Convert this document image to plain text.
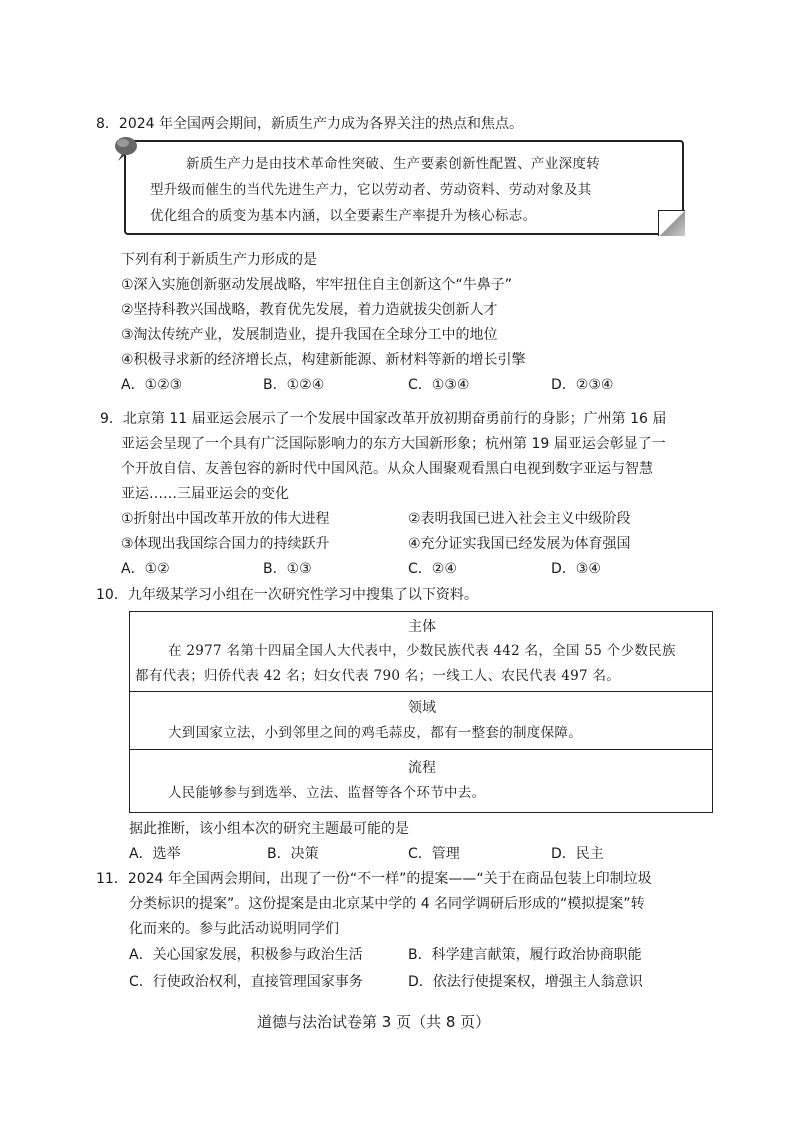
8．2024 年全国两会期间，新质生产力成为各界关注的热点和焦点。
新质生产力是由技术革命性突破、生产要素创新性配置、产业深度转
型升级而催生的当代先进生产力，它以劳动者、劳动资料、劳动对象及其
优化组合的质变为基本内涵，以全要素生产率提升为核心标志。
下列有利于新质生产力形成的是
①深入实施创新驱动发展战略，牢牢扭住自主创新这个“牛鼻子”
②坚持科教兴国战略，教育优先发展，着力造就拔尖创新人才
③淘汰传统产业，发展制造业，提升我国在全球分工中的地位
④积极寻求新的经济增长点，构建新能源、新材料等新的增长引擎
A．①②③	B．①②④	C．①③④	D．②③④
9．北京第 11 届亚运会展示了一个发展中国家改革开放初期奋勇前行的身影；广州第 16 届
亚运会呈现了一个具有广泛国际影响力的东方大国新形象；杭州第 19 届亚运会彰显了一
个开放自信、友善包容的新时代中国风范。从众人围聚观看黑白电视到数字亚运与智慧
亚运……三届亚运会的变化
①折射出中国改革开放的伟大进程	②表明我国已进入社会主义中级阶段
③体现出我国综合国力的持续跃升	④充分证实我国已经发展为体育强国
A．①②	B．①③	C．②④	D．③④
10．九年级某学习小组在一次研究性学习中搜集了以下资料。
主体
在 2977 名第十四届全国人大代表中，少数民族代表 442 名，全国 55 个少数民族
都有代表；归侨代表 42 名；妇女代表 790 名；一线工人、农民代表 497 名。
领域
大到国家立法，小到邻里之间的鸡毛蒜皮，都有一整套的制度保障。
流程
人民能够参与到选举、立法、监督等各个环节中去。
据此推断，该小组本次的研究主题最可能的是
A．选举	B．决策	C．管理	D．民主
11．2024 年全国两会期间，出现了一份“不一样”的提案——“关于在商品包装上印制垃圾
分类标识的提案”。这份提案是由北京某中学的 4 名同学调研后形成的“模拟提案”转
化而来的。参与此活动说明同学们
A．关心国家发展，积极参与政治生活	B．科学建言献策，履行政治协商职能
C．行使政治权利，直接管理国家事务	D．依法行使提案权，增强主人翁意识
道德与法治试卷第 3 页（共 8 页）
